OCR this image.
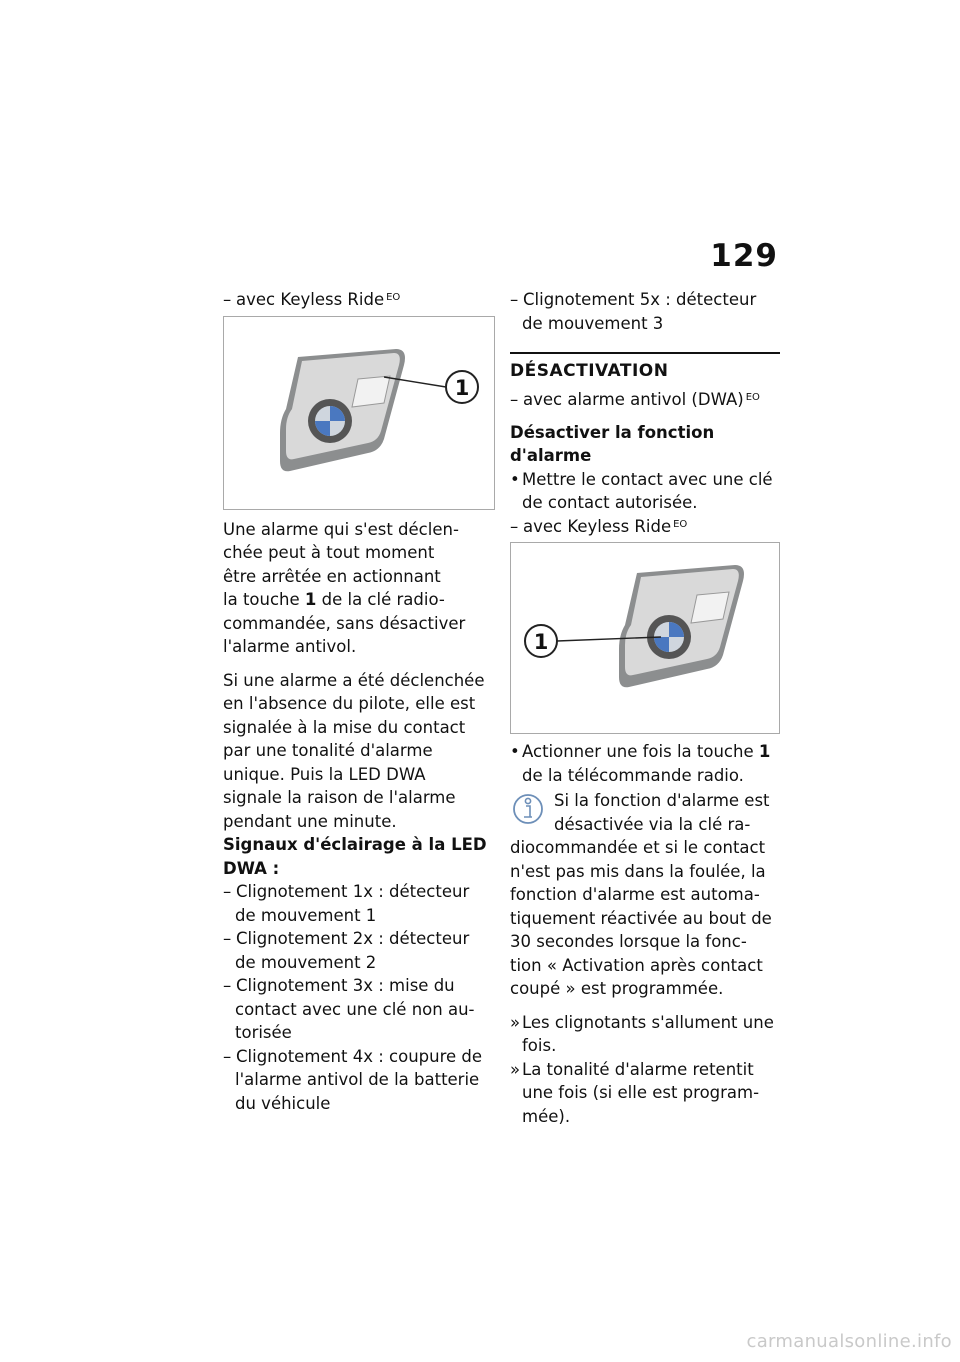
129
– avec Keyless Ride $^{EO}$
1
Une alarme qui s'est déclen-
chée peut à tout moment
être arrêtée en actionnant
la touche 1 de la clé radio-
commandée, sans désactiver
l'alarme antivol.
Si une alarme a été déclenchée
en l'absence du pilote, elle est
signalée à la mise du contact
par une tonalité d'alarme
unique. Puis la LED DWA
signale la raison de l'alarme
pendant une minute.
Signaux d'éclairage à la LED
DWA :
– Clignotement 1x : détecteur
de mouvement 1
– Clignotement 2x : détecteur
de mouvement 2
– Clignotement 3x : mise du
contact avec une clé non au-
torisée
– Clignotement 4x : coupure de
l'alarme antivol de la batterie
du véhicule
– Clignotement 5x : détecteur
de mouvement 3
DÉSACTIVATION
– avec alarme antivol (DWA) $^{EO}$
Désactiver la fonction
d'alarme
• Mettre le contact avec une clé
de contact autorisée.
– avec Keyless Ride $^{EO}$
1
• Actionner une fois la touche 1
de la télécommande radio.
Si la fonction d'alarme est
désactivée via la clé ra-
diocommandée et si le contact
n'est pas mis dans la foulée, la
fonction d'alarme est automa-
tiquement réactivée au bout de
30 secondes lorsque la fonc-
tion « Activation après contact
coupé » est programmée.
» Les clignotants s'allument une
fois.
» La tonalité d'alarme retentit
une fois (si elle est program-
mée).
carmanualsonline.info
